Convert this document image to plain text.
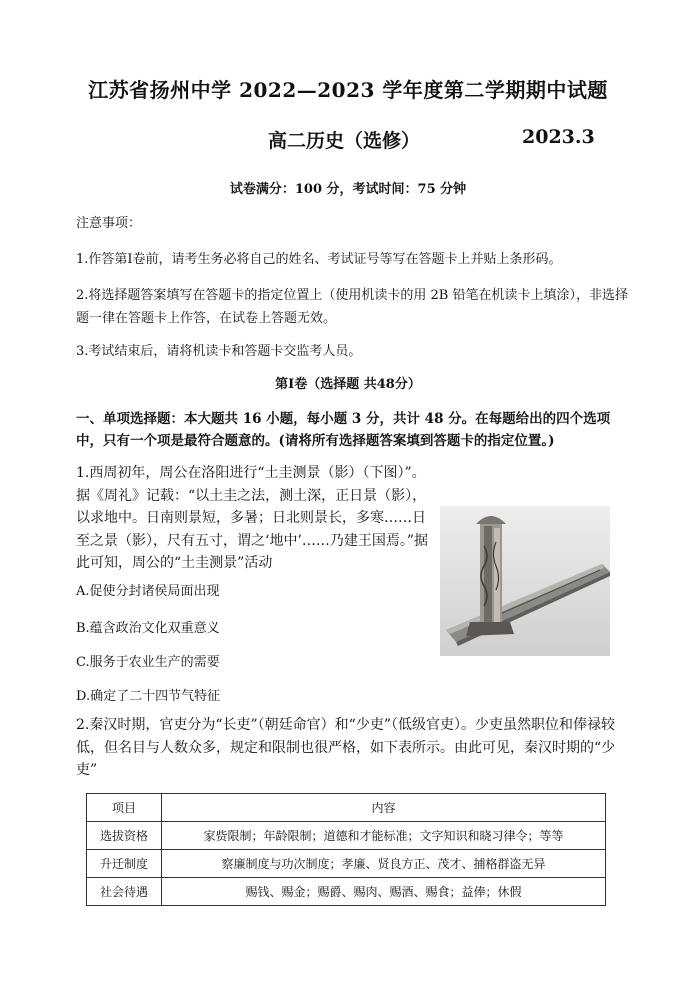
江苏省扬州中学 2022—2023 学年度第二学期期中试题
高二历史（选修）	2023.3
试卷满分：100 分，考试时间：75 分钟
注意事项：
1.作答第Ⅰ卷前，请考生务必将自己的姓名、考试证号等写在答题卡上并贴上条形码。
2.将选择题答案填写在答题卡的指定位置上（使用机读卡的用 2B 铅笔在机读卡上填涂），非选择题一律在答题卡上作答，在试卷上答题无效。
3.考试结束后，请将机读卡和答题卡交监考人员。
第Ⅰ卷（选择题 共48分）
一、单项选择题：本大题共 16 小题，每小题 3 分，共计 48 分。在每题给出的四个选项中，只有一个项是最符合题意的。(请将所有选择题答案填到答题卡的指定位置。)
1.西周初年，周公在洛阳进行“土圭测景（影）（下图）”。据《周礼》记载：“以土圭之法，测土深，正日景（影），以求地中。日南则景短，多暑；日北则景长，多寒……日至之景（影），尺有五寸，谓之‘地中’……乃建王国焉。”据此可知，周公的“土圭测景”活动
A.促使分封诸侯局面出现
B.蕴含政治文化双重意义
C.服务于农业生产的需要
D.确定了二十四节气特征
2.秦汉时期，官吏分为“长吏”（朝廷命官）和“少吏”（低级官吏）。少吏虽然职位和俸禄较低，但名目与人数众多，规定和限制也很严格，如下表所示。由此可见，秦汉时期的“少吏”
项目	内容
选拔资格	家赀限制；年龄限制；道德和才能标准；文字知识和晓习律令；等等
升迁制度	察廉制度与功次制度；孝廉、贤良方正、茂才、捕格群盗无异
社会待遇	赐钱、赐金；赐爵、赐肉、赐酒、赐食；益俸；休假
